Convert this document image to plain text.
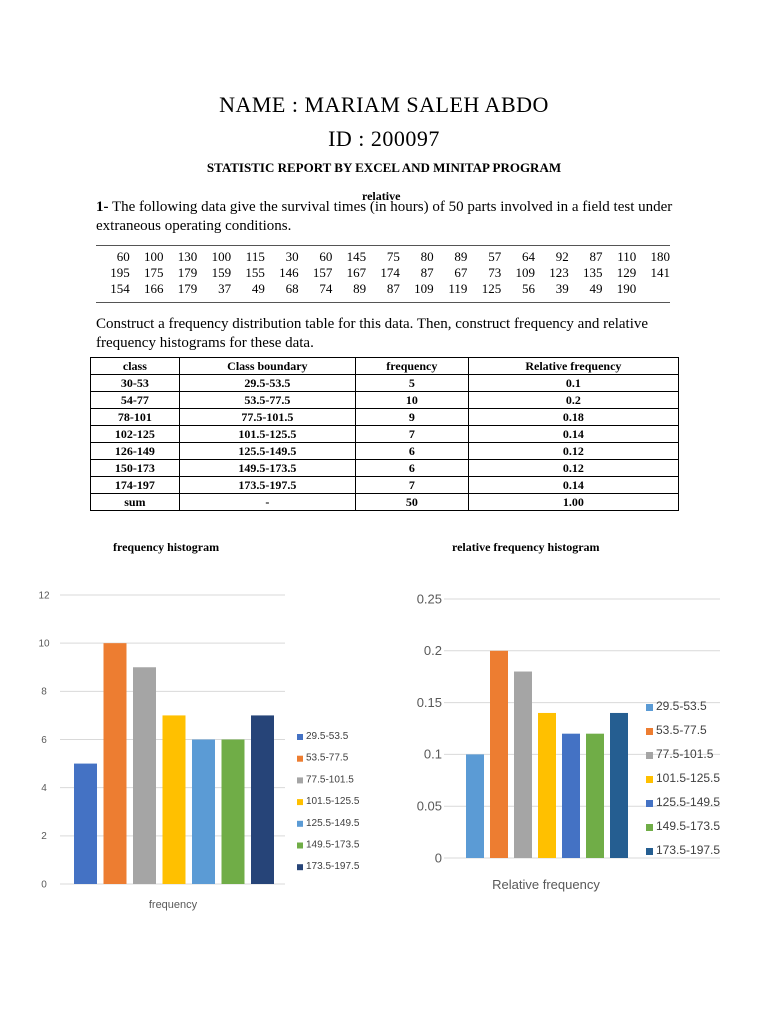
NAME : MARIAM SALEH ABDO
ID : 200097
STATISTIC REPORT BY EXCEL AND MINITAP PROGRAM
1- The following data give the survival times (in hours) of 50 parts involved in a field test under extraneous operating conditions.
relative
60	100	130	100	115	30	60	145	75	80	89	57	64	92	87	110	180
195	175	179	159	155	146	157	167	174	87	67	73	109	123	135	129	141
154	166	179	37	49	68	74	89	87	109	119	125	56	39	49	190
Construct a frequency distribution table for this data. Then, construct frequency and relative frequency histograms for these data.
class	Class boundary	frequency	Relative frequency
30-53	29.5-53.5	5	0.1
54-77	53.5-77.5	10	0.2
78-101	77.5-101.5	9	0.18
102-125	101.5-125.5	7	0.14
126-149	125.5-149.5	6	0.12
150-173	149.5-173.5	6	0.12
174-197	173.5-197.5	7	0.14
sum	-	50	1.00
frequency histogram	relative frequency histogram
0
2
4
6
8
10
12
frequency
29.5-53.5
53.5-77.5
77.5-101.5
101.5-125.5
125.5-149.5
149.5-173.5
173.5-197.5
0
0.05
0.1
0.15
0.2
0.25
Relative frequency
29.5-53.5
53.5-77.5
77.5-101.5
101.5-125.5
125.5-149.5
149.5-173.5
173.5-197.5
